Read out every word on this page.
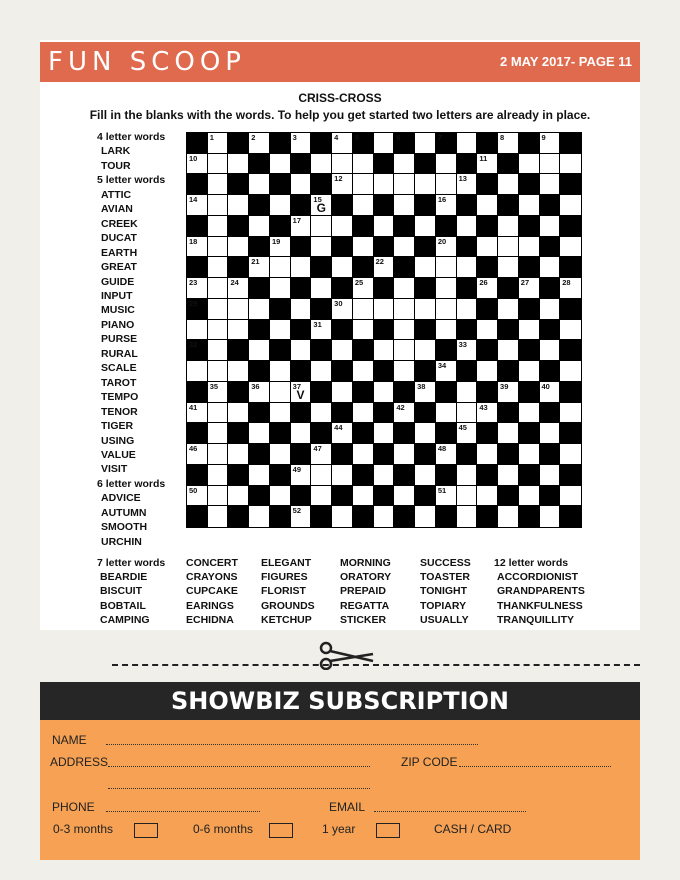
FUN SCOOP	2 MAY 2017- PAGE 11
CRISS-CROSS
Fill in the blanks with the words. To help you get started two letters are already in place.
4 letter words
LARK
TOUR
5 letter words
ATTIC
AVIAN
CREEK
DUCAT
EARTH
GREAT
GUIDE
INPUT
MUSIC
PIANO
PURSE
RURAL
SCALE
TAROT
TEMPO
TENOR
TIGER
USING
VALUE
VISIT
6 letter words
ADVICE
AUTUMN
SMOOTH
URCHIN
1	2	3	4 5	6	7	8	9
10	11
12	13
14	15
G
16
17
18	19	20
21	22
23	24	25	26	27	28
29	30
31
32	33
34
35	36	37
V
38	39	40
41	42	43
44	45
46	47	48
49
50	51
52
7 letter words
BEARDIE
BISCUIT
BOBTAIL
CAMPING
CONCERT
CRAYONS
CUPCAKE
EARINGS
ECHIDNA
ELEGANT
FIGURES
FLORIST
GROUNDS
KETCHUP
MORNING
ORATORY
PREPAID
REGATTA
STICKER
SUCCESS
TOASTER
TONIGHT
TOPIARY
USUALLY
12 letter words
ACCORDIONIST
GRANDPARENTS
THANKFULNESS
TRANQUILLITY
SHOWBIZ SUBSCRIPTION
NAME
ADDRESS	ZIP CODE
PHONE	EMAIL
0-3 months	0-6 months	1 year	CASH / CARD
